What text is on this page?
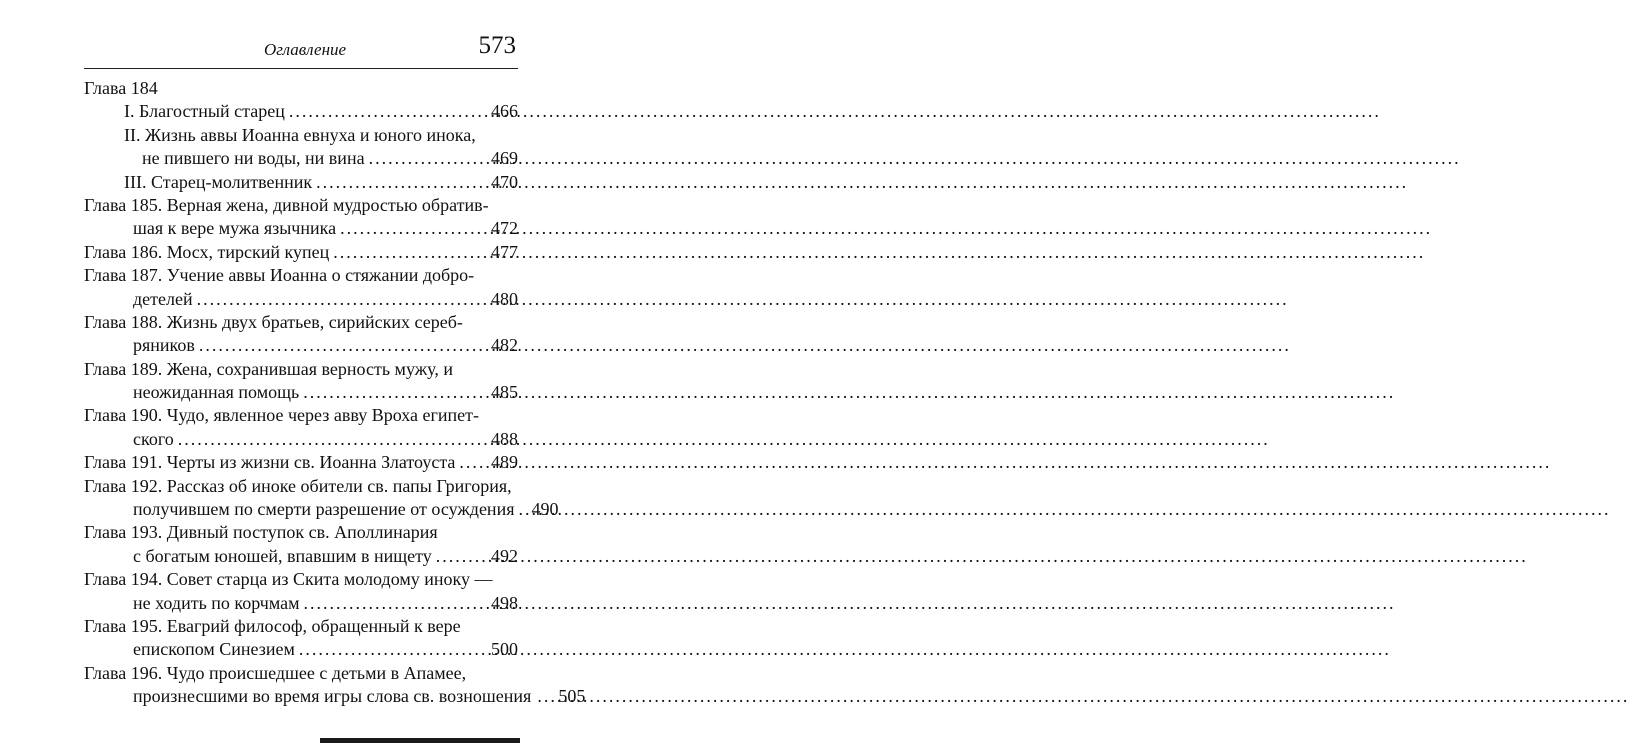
Оглавление	573
Глава 184
I. Благостный старец .....	466
II. Жизнь аввы Иоанна евнуха и юного инока,
не пившего ни воды, ни вина .....	469
III. Старец-молитвенник .....	470
Глава 185. Верная жена, дивной мудростью обратив-
шая к вере мужа язычника .....	472
Глава 186. Мосх, тирский купец .....	477
Глава 187. Учение аввы Иоанна о стяжании добро-
детелей .....	480
Глава 188. Жизнь двух братьев, сирийских сереб-
ряников .....	482
Глава 189. Жена, сохранившая верность мужу, и
неожиданная помощь .....	485
Глава 190. Чудо, явленное через авву Вроха египет-
ского .....	488
Глава 191. Черты из жизни св. Иоанна Златоуста ..... 489
Глава 192. Рассказ об иноке обители св. папы Григория,
получившем по смерти разрешение от осуждения ..... 490
Глава 193. Дивный поступок св. Аполлинария
с богатым юношей, впавшим в нищету .....	492
Глава 194. Совет старца из Скита молодому иноку —
не ходить по корчмам .....	498
Глава 195. Евагрий философ, обращенный к вере
епископом Синезием .....	500
Глава 196. Чудо происшедшее с детьми в Апамее,
произнесшими во время игры слова св. вознош ения ..... 505
